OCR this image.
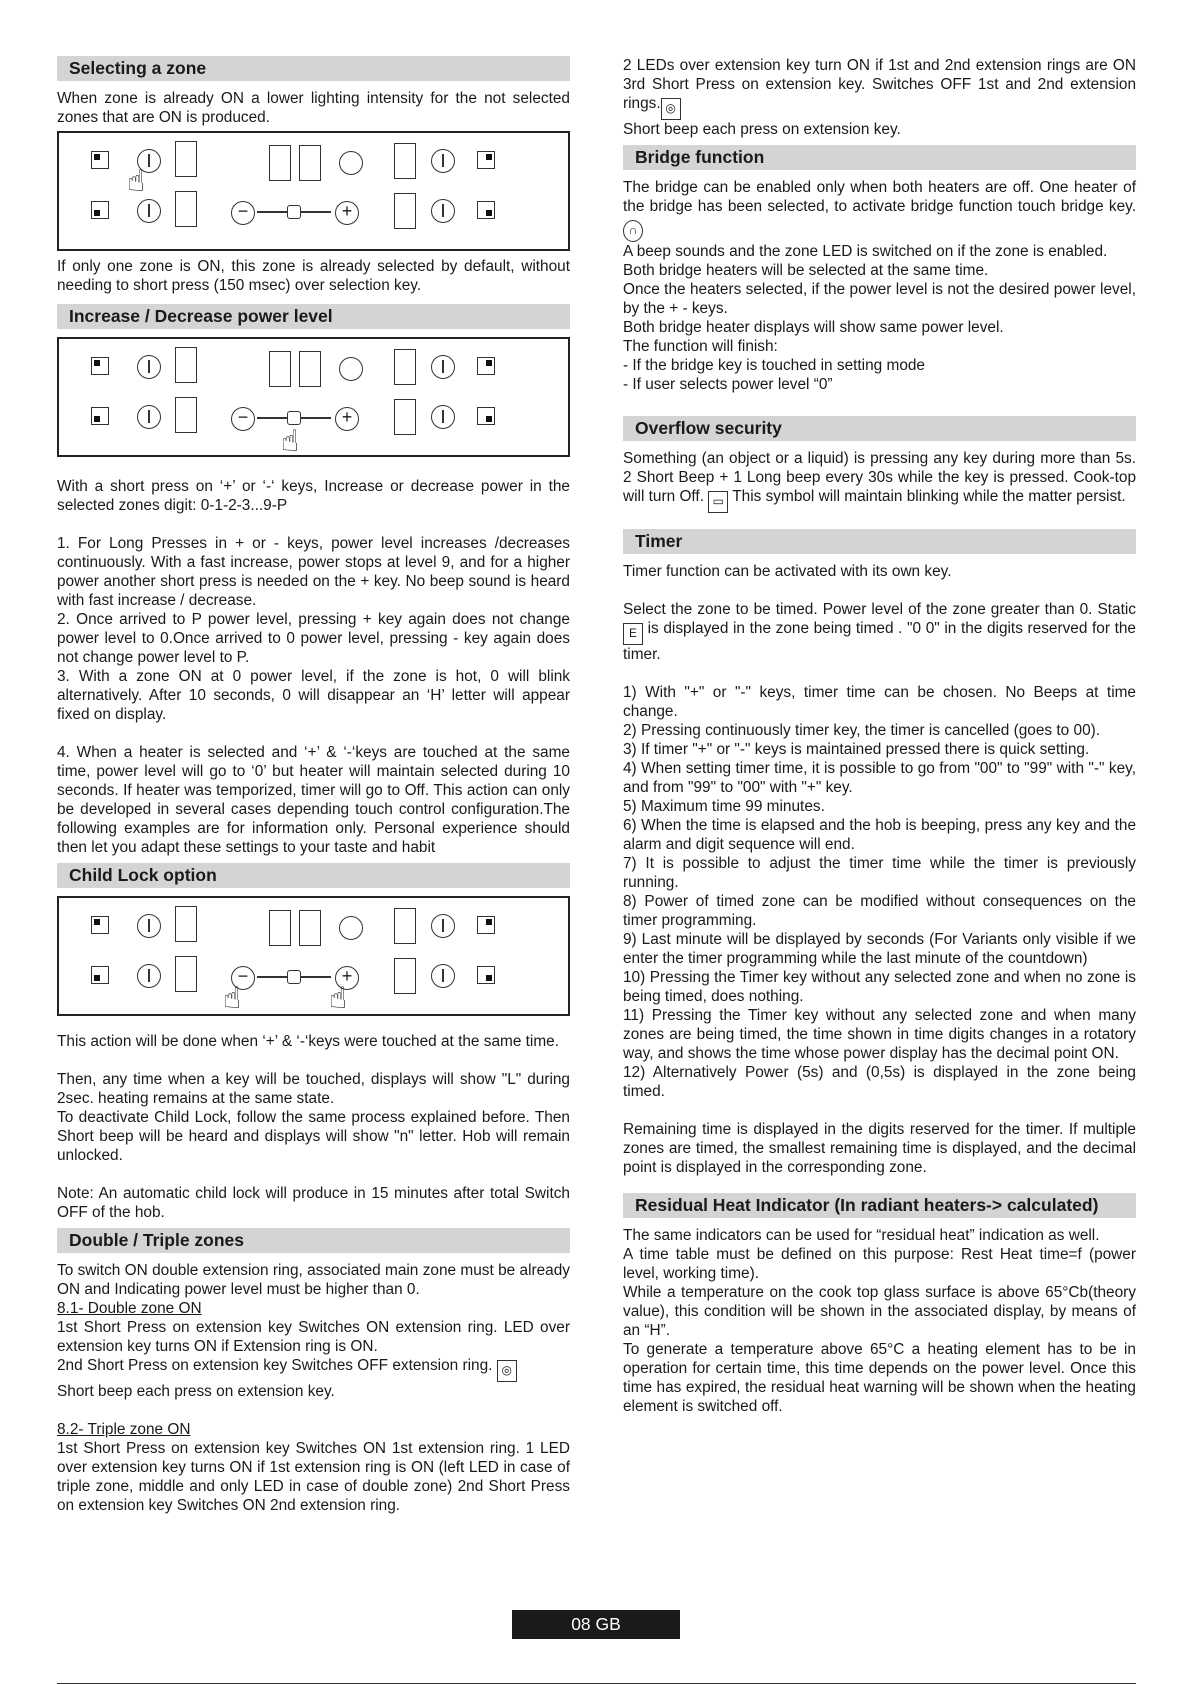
Selecting a zone

When zone is already ON a lower lighting intensity for the not selected zones that are ON is produced.

−	+
☝

If only one zone is ON, this zone is already selected by default, without needing to short press (150 msec) over selection key.

Increase / Decrease power level
−	+
☝

With a short press on ‘+’ or ‘-‘ keys, Increase or decrease power in the selected zones digit: 0-1-2-3...9-P

1. For Long Presses in + or - keys, power level increases /decreases continuously. With a fast increase, power stops at level 9, and for a higher power another short press is needed on the + key. No beep sound is heard with fast increase / decrease.

2. Once arrived to P power level, pressing + key again does not change power level to 0.Once arrived to 0 power level, pressing - key again does not change power level to P.

3. With a zone ON at 0 power level, if the zone is hot, 0 will blink alternatively. After 10 seconds, 0 will disappear an ‘H’ letter will appear fixed on display.

4. When a heater is selected and ‘+’ & ‘-‘keys are touched at the same time, power level will go to ‘0’ but heater will maintain selected during 10 seconds. If heater was temporized, timer will go to Off. This action can only be developed in several cases depending touch control configuration.The following examples are for information only. Personal experience should then let you adapt these settings to your taste and habit

Child Lock option
−	+
☝	☝

This action will be done when ‘+’ & ‘-‘keys were touched at the same time.

Then, any time when a key will be touched, displays will show "L" during 2sec. heating remains at the same state.

To deactivate Child Lock, follow the same process explained before. Then Short beep will be heard and displays will show "n" letter. Hob will remain unlocked.

Note: An automatic child lock will produce in 15 minutes after total Switch OFF of the hob.

Double / Triple zones

To switch ON double extension ring, associated main zone must be already ON and Indicating power level must be higher than 0.

8.1- Double zone ON

1st Short Press on extension key Switches ON extension ring. LED over extension key turns ON if Extension ring is ON.

2nd Short Press on extension key Switches OFF extension ring. ◎

Short beep each press on extension key.

8.2- Triple zone ON

1st Short Press on extension key Switches ON 1st extension ring. 1 LED over extension key turns ON if 1st extension ring is ON (left LED in case of triple zone, middle and only LED in case of double zone) 2nd Short Press on extension key Switches ON 2nd extension ring.

2 LEDs over extension key turn ON if 1st and 2nd extension rings are ON 3rd Short Press on extension key. Switches OFF 1st and 2nd extension rings. ◎

Short beep each press on extension key.

Bridge function

The bridge can be enabled only when both heaters are off. One heater of the bridge has been selected, to activate bridge function touch bridge key.∩

A beep sounds and the zone LED is switched on if the zone is enabled.

Both bridge heaters will be selected at the same time.

Once the heaters selected, if the power level is not the desired power level, by the + - keys.

Both bridge heater displays will show same power level.

The function will finish:

- If the bridge key is touched in setting mode

- If user selects power level “0”

Overflow security

Something (an object or a liquid) is pressing any key during more than 5s. 2 Short Beep + 1 Long beep every 30s while the key is pressed. Cook-top will turn Off. ▭ This symbol will maintain blinking while the matter persist.

Timer

Timer function can be activated with its own key.

Select the zone to be timed. Power level of the zone greater than 0. Static E is displayed in the zone being timed . "0 0" in the digits reserved for the timer.

1) With "+" or "-" keys, timer time can be chosen. No Beeps at time change.

2) Pressing continuously timer key, the timer is cancelled (goes to 00).

3) If timer "+" or "-" keys is maintained pressed there is quick setting.

4) When setting timer time, it is possible to go from "00" to "99" with "-" key, and from "99" to "00" with "+" key.

5) Maximum time 99 minutes.

6) When the time is elapsed and the hob is beeping, press any key and the alarm and digit sequence will end.

7) It is possible to adjust the timer time while the timer is previously running.

8) Power of timed zone can be modified without consequences on the timer programming.

9) Last minute will be displayed by seconds (For Variants only visible if we enter the timer programming while the last minute of the countdown)

10) Pressing the Timer key without any selected zone and when no zone is being timed, does nothing.

11) Pressing the Timer key without any selected zone and when many zones are being timed, the time shown in time digits changes in a rotatory way, and shows the time whose power display has the decimal point ON.

12) Alternatively Power (5s) and (0,5s) is displayed in the zone being timed.

Remaining time is displayed in the digits reserved for the timer. If multiple zones are timed, the smallest remaining time is displayed, and the decimal point is displayed in the corresponding zone.

Residual Heat Indicator (In radiant heaters-> calculated)

The same indicators can be used for “residual heat” indication as well.

A time table must be defined on this purpose: Rest Heat time=f (power level, working time).

While a temperature on the cook top glass surface is above 65°Cb(theory value), this condition will be shown in the associated display, by means of an “H”.

To generate a temperature above 65°C a heating element has to be in operation for certain time, this time depends on the power level. Once this time has expired, the residual heat warning will be shown when the heating element is switched off.

08 GB
